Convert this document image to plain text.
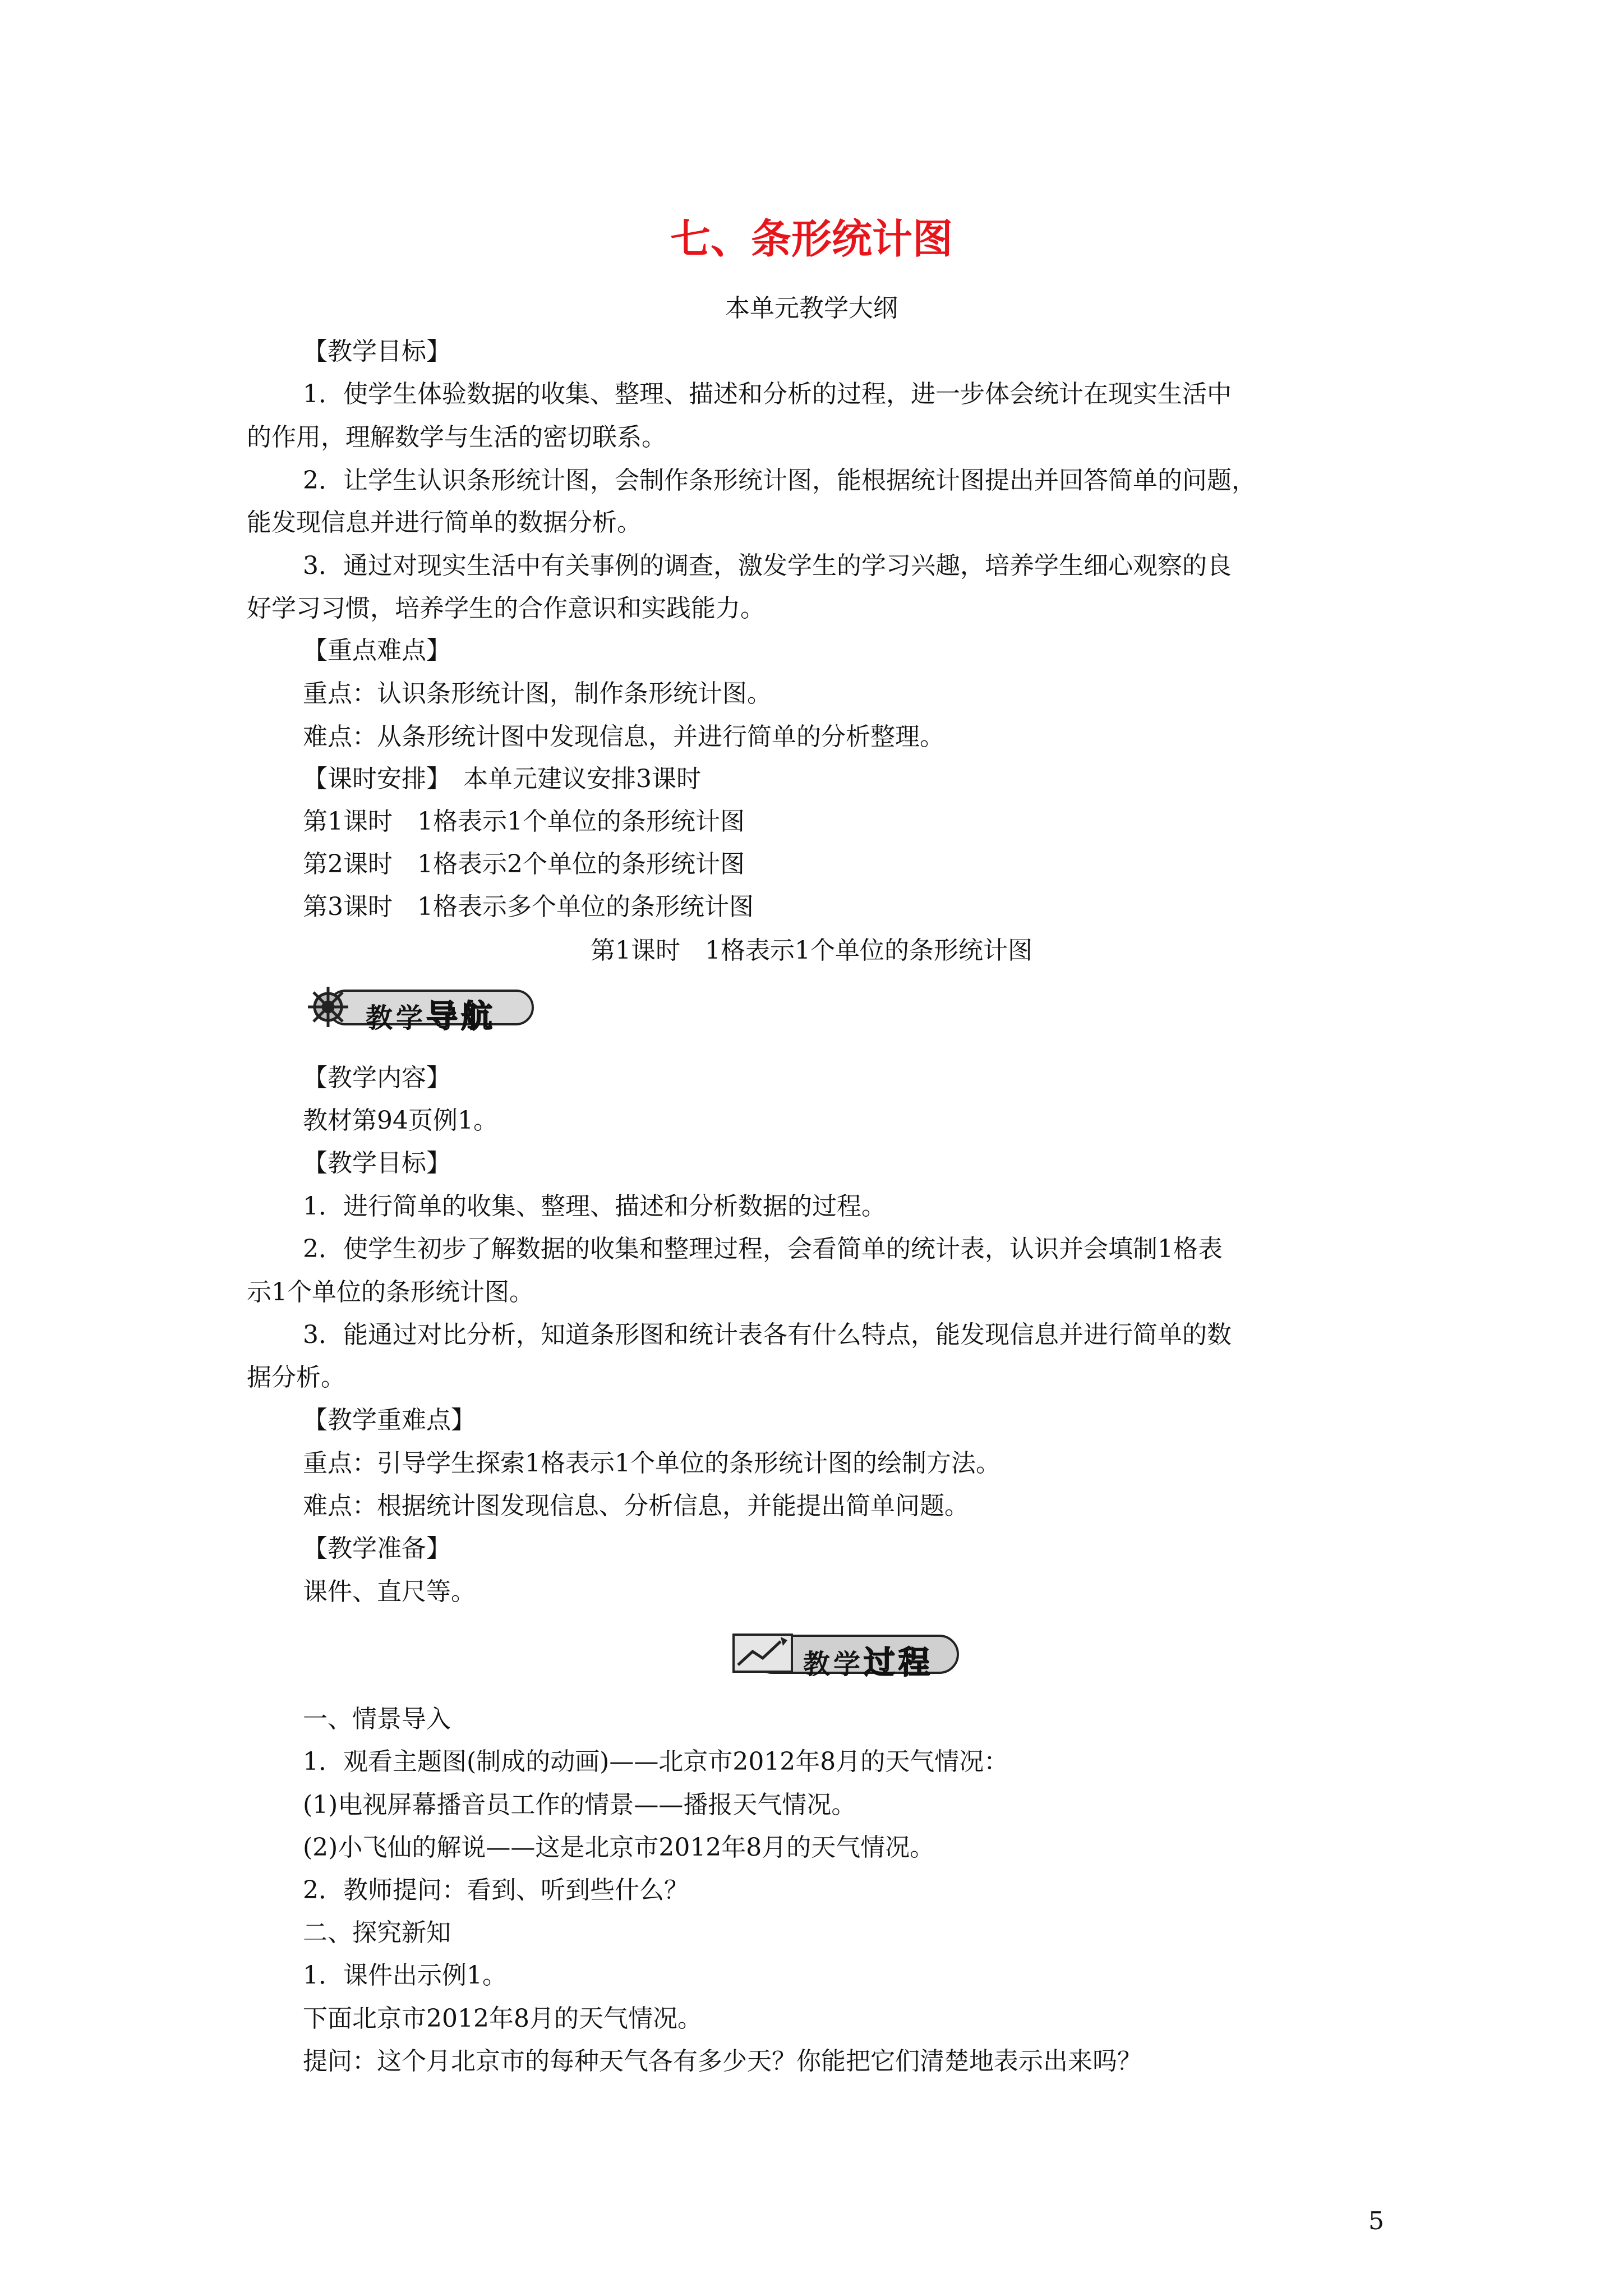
七、条形统计图
本单元教学大纲
【教学目标】
1．使学生体验数据的收集、整理、描述和分析的过程，进一步体会统计在现实生活中
的作用，理解数学与生活的密切联系。
2．让学生认识条形统计图，会制作条形统计图，能根据统计图提出并回答简单的问题，
能发现信息并进行简单的数据分析。
3．通过对现实生活中有关事例的调查，激发学生的学习兴趣，培养学生细心观察的良
好学习习惯，培养学生的合作意识和实践能力。
【重点难点】
重点：认识条形统计图，制作条形统计图。
难点：从条形统计图中发现信息，并进行简单的分析整理。
【课时安排】　本单元建议安排3课时
第1课时　1格表示1个单位的条形统计图
第2课时　1格表示2个单位的条形统计图
第3课时　1格表示多个单位的条形统计图
第1课时　1格表示1个单位的条形统计图
教学导航
【教学内容】
教材第94页例1。
【教学目标】
1．进行简单的收集、整理、描述和分析数据的过程。
2．使学生初步了解数据的收集和整理过程，会看简单的统计表，认识并会填制1格表
示1个单位的条形统计图。
3．能通过对比分析，知道条形图和统计表各有什么特点，能发现信息并进行简单的数
据分析。
【教学重难点】
重点：引导学生探索1格表示1个单位的条形统计图的绘制方法。
难点：根据统计图发现信息、分析信息，并能提出简单问题。
【教学准备】
课件、直尺等。
教学过程
一、情景导入
1．观看主题图(制成的动画)——北京市2012年8月的天气情况：
(1)电视屏幕播音员工作的情景——播报天气情况。
(2)小飞仙的解说——这是北京市2012年8月的天气情况。
2．教师提问：看到、听到些什么？
二、探究新知
1．课件出示例1。
下面北京市2012年8月的天气情况。
提问：这个月北京市的每种天气各有多少天？你能把它们清楚地表示出来吗？
5
